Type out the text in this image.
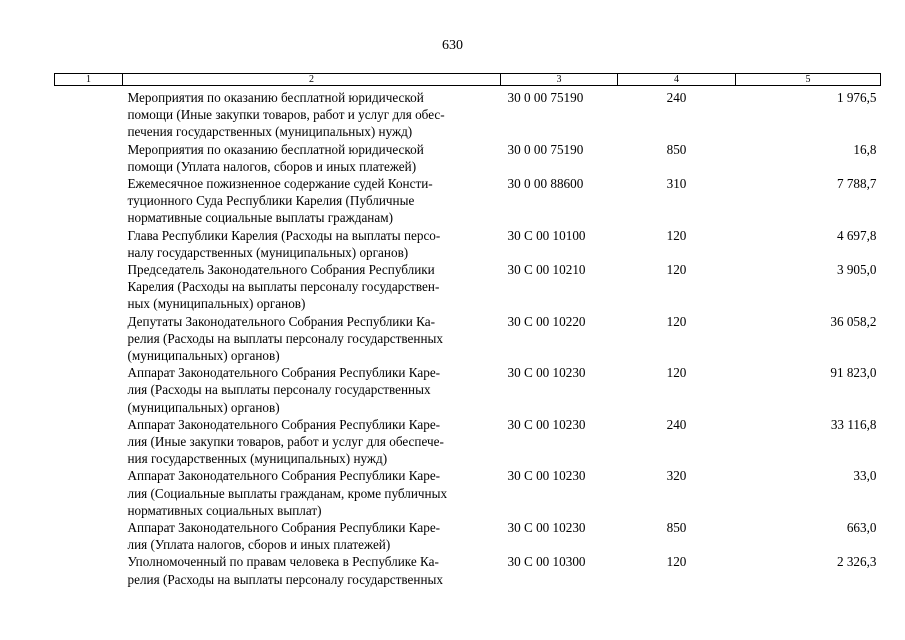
630
1	2	3	4	5

	Мероприятия по оказанию бесплатной юридической
помощи (Иные закупки товаров, работ и услуг для обес-
печения государственных (муниципальных) нужд)	30 0 00 75190	240	1 976,5

	Мероприятия по оказанию бесплатной юридической
помощи (Уплата налогов, сборов и иных платежей)	30 0 00 75190	850	16,8

	Ежемесячное пожизненное содержание судей Консти-
туционного Суда Республики Карелия (Публичные
нормативные социальные выплаты гражданам)	30 0 00 88600	310	7 788,7

	Глава Республики Карелия (Расходы на выплаты персо-
налу государственных (муниципальных) органов)	30 С 00 10100	120	4 697,8

	Председатель Законодательного Собрания Республики
Карелия (Расходы на выплаты персоналу государствен-
ных (муниципальных) органов)	30 С 00 10210	120	3 905,0

	Депутаты Законодательного Собрания Республики Ка-
релия (Расходы на выплаты персоналу государственных
(муниципальных) органов)	30 С 00 10220	120	36 058,2

	Аппарат Законодательного Собрания Республики Каре-
лия (Расходы на выплаты персоналу государственных
(муниципальных) органов)	30 С 00 10230	120	91 823,0

	Аппарат Законодательного Собрания Республики Каре-
лия (Иные закупки товаров, работ и услуг для обеспече-
ния государственных (муниципальных) нужд)	30 С 00 10230	240	33 116,8

	Аппарат Законодательного Собрания Республики Каре-
лия (Социальные выплаты гражданам, кроме публичных
нормативных социальных выплат)	30 С 00 10230	320	33,0

	Аппарат Законодательного Собрания Республики Каре-
лия (Уплата налогов, сборов и иных платежей)	30 С 00 10230	850	663,0

	Уполномоченный по правам человека в Республике Ка-
релия (Расходы на выплаты персоналу государственных	30 С 00 10300	120	2 326,3
